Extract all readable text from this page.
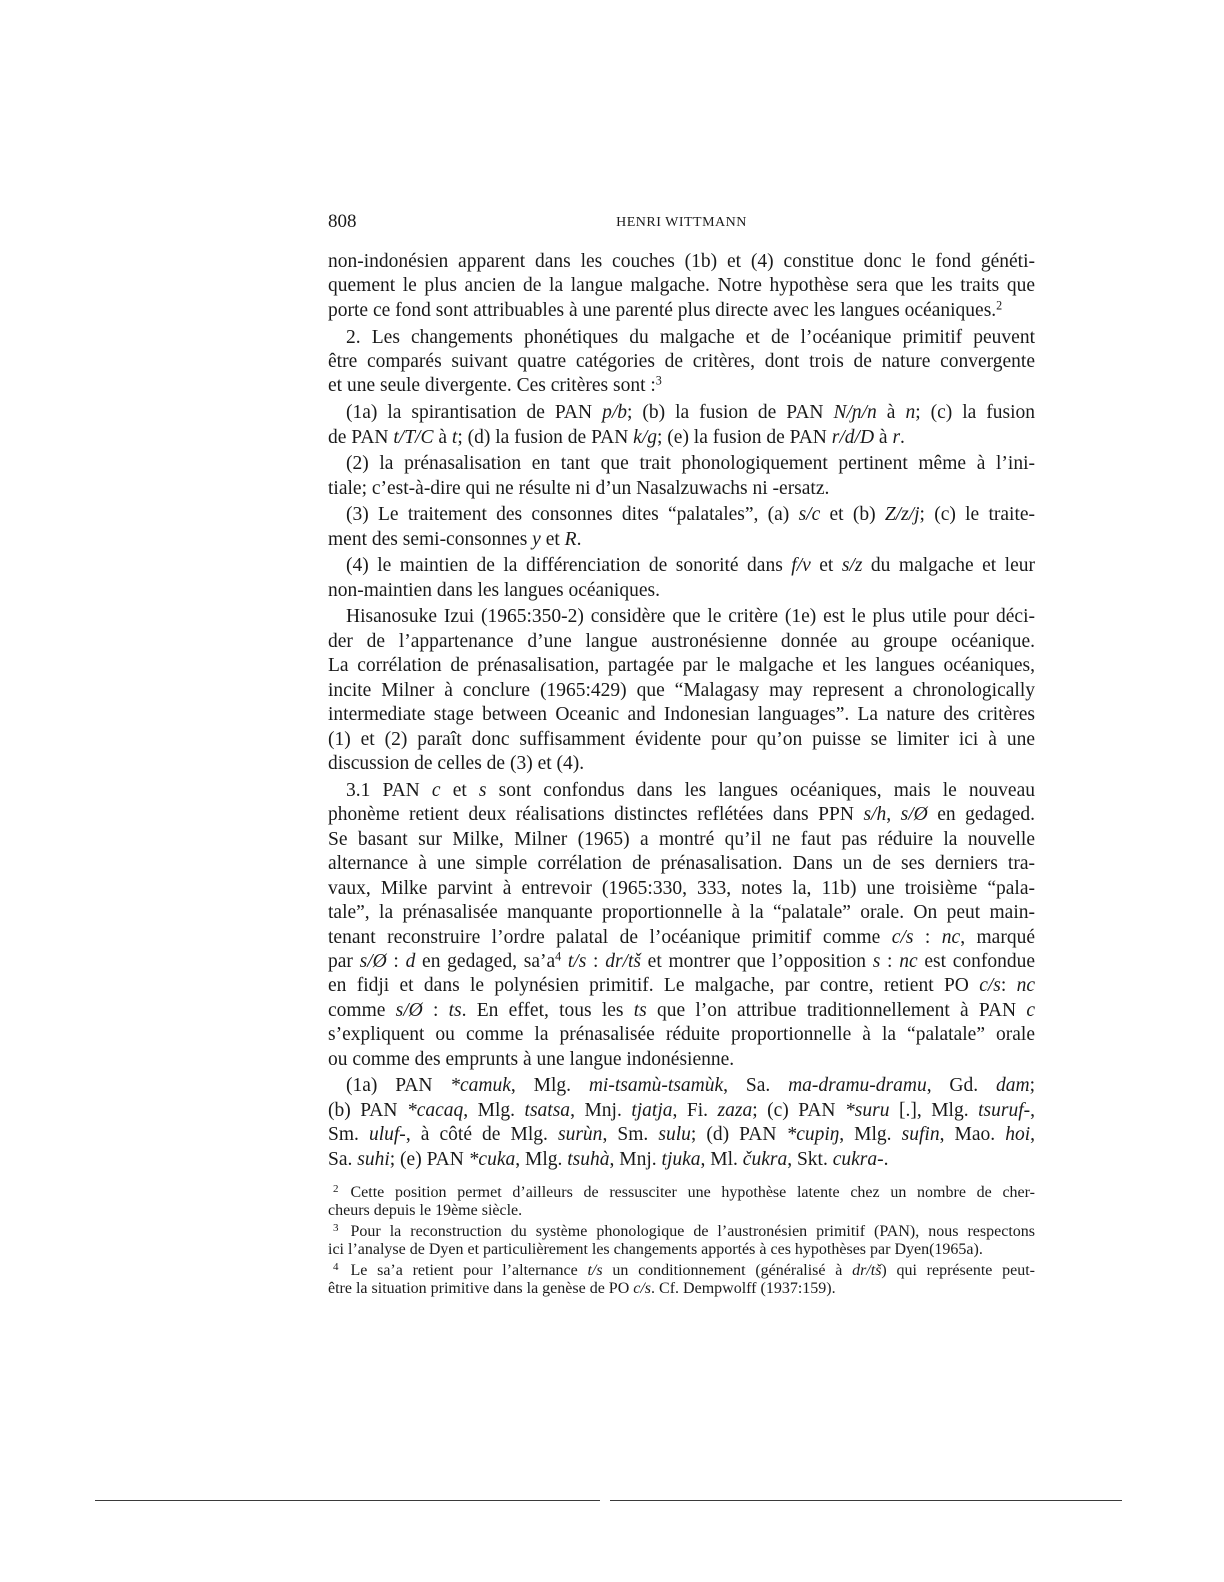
808	HENRI WITTMANN
non-indonésien apparent dans les couches (1b) et (4) constitue donc le fond généti-
quement le plus ancien de la langue malgache. Notre hypothèse sera que les traits que
porte ce fond sont attribuables à une parenté plus directe avec les langues océaniques.$^2$
2. Les changements phonétiques du malgache et de l’océanique primitif peuvent
être comparés suivant quatre catégories de critères, dont trois de nature convergente
et une seule divergente. Ces critères sont :$^3$
(1a) la spirantisation de PAN p/b; (b) la fusion de PAN N/ɲ/n à n; (c) la fusion
de PAN t/T/C à t; (d) la fusion de PAN k/g; (e) la fusion de PAN r/d/D à r.
(2) la prénasalisation en tant que trait phonologiquement pertinent même à l’ini-
tiale; c’est-à-dire qui ne résulte ni d’un Nasalzuwachs ni -ersatz.
(3) Le traitement des consonnes dites “palatales”, (a) s/c et (b) Z/z/j; (c) le traite-
ment des semi-consonnes y et R.
(4) le maintien de la différenciation de sonorité dans f/v et s/z du malgache et leur
non-maintien dans les langues océaniques.
Hisanosuke Izui (1965:350-2) considère que le critère (1e) est le plus utile pour déci-
der de l’appartenance d’une langue austronésienne donnée au groupe océanique.
La corrélation de prénasalisation, partagée par le malgache et les langues océaniques,
incite Milner à conclure (1965:429) que “Malagasy may represent a chronologically
intermediate stage between Oceanic and Indonesian languages”. La nature des critères
(1) et (2) paraît donc suffisamment évidente pour qu’on puisse se limiter ici à une
discussion de celles de (3) et (4).
3.1 PAN c et s sont confondus dans les langues océaniques, mais le nouveau
phonème retient deux réalisations distinctes reflétées dans PPN s/h, s/Ø en gedaged.
Se basant sur Milke, Milner (1965) a montré qu’il ne faut pas réduire la nouvelle
alternance à une simple corrélation de prénasalisation. Dans un de ses derniers tra-
vaux, Milke parvint à entrevoir (1965:330, 333, notes la, 11b) une troisième “pala-
tale”, la prénasalisée manquante proportionnelle à la “palatale” orale. On peut main-
tenant reconstruire l’ordre palatal de l’océanique primitif comme c/s : nc, marqué
par s/Ø : d en gedaged, $sa’a^4$ t/s : dr/tš et montrer que l’opposition s : nc est confondue
en fidji et dans le polynésien primitif. Le malgache, par contre, retient PO c/s: nc
comme s/Ø : ts. En effet, tous les ts que l’on attribue traditionnellement à PAN c
s’expliquent ou comme la prénasalisée réduite proportionnelle à la “palatale” orale
ou comme des emprunts à une langue indonésienne.
(1a) PAN *camuk, Mlg. mi-tsamù-tsamùk, Sa. ma-dramu-dramu, Gd. dam;
(b) PAN *cacaq, Mlg. tsatsa, Mnj. tjatja, Fi. zaza; (c) PAN *suru [.], Mlg. tsuruf-,
Sm. uluf-, à côté de Mlg. surùn, Sm. sulu; (d) PAN *cupiŋ, Mlg. sufin, Mao. hoi,
Sa. suhi; (e) PAN *cuka, Mlg. tsuhà, Mnj. tjuka, Ml. čukra, Skt. cukra-.
2 Cette position permet d’ailleurs de ressusciter une hypothèse latente chez un nombre de cher-
cheurs depuis le 19ème siècle.
3 Pour la reconstruction du système phonologique de l’austronésien primitif (PAN), nous respectons
ici l’analyse de Dyen et particulièrement les changements apportés à ces hypothèses par Dyen(1965a).
4 Le sa’a retient pour l’alternance t/s un conditionnement (généralisé à dr/tš) qui représente peut-
être la situation primitive dans la genèse de PO c/s. Cf. Dempwolff (1937:159).
